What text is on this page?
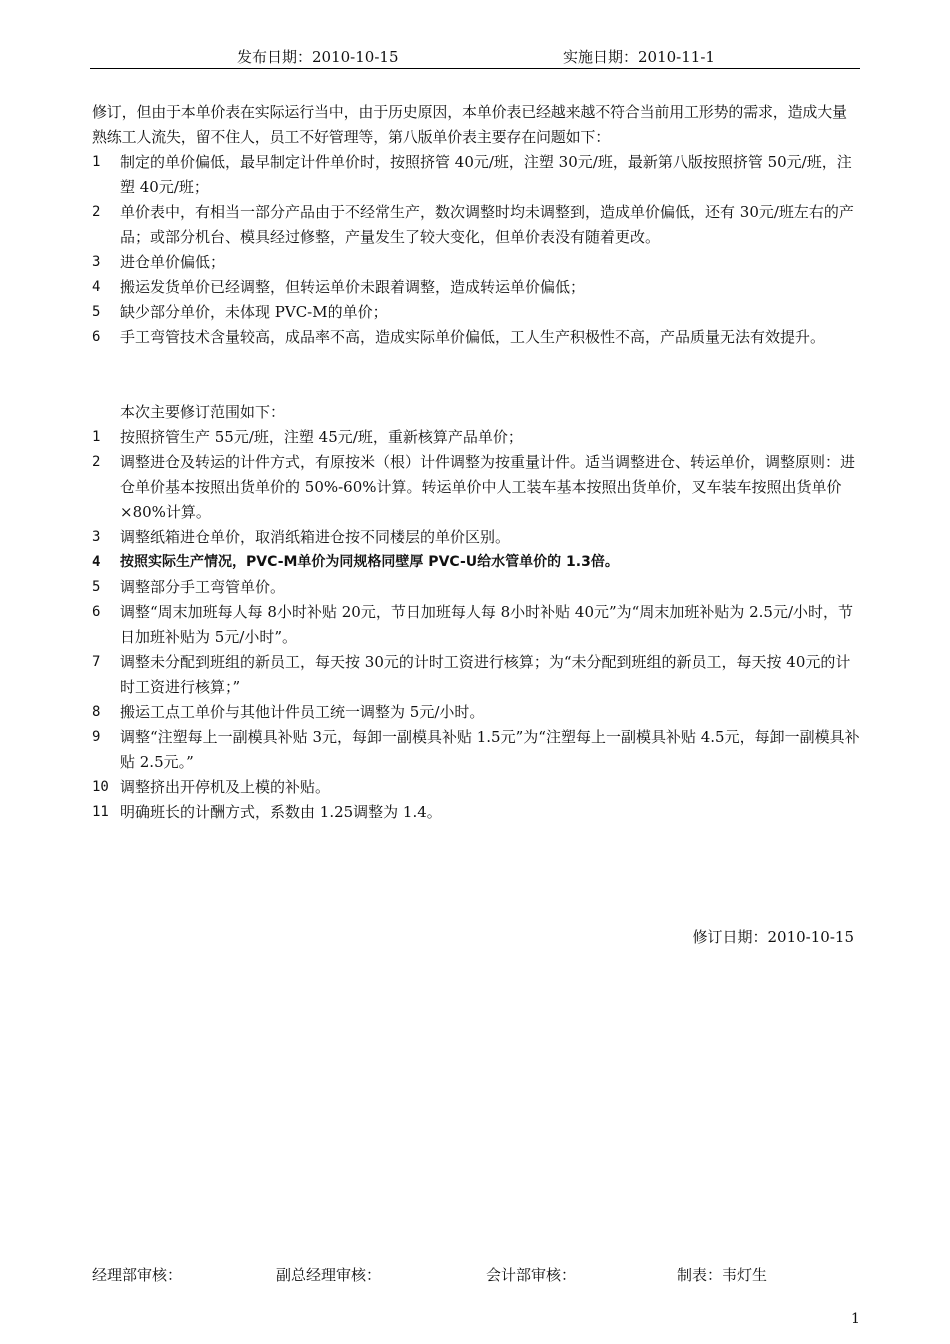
发布日期：2010-10-15	实施日期：2010-11-1

修订，但由于本单价表在实际运行当中，由于历史原因，本单价表已经越来越不符合当前用工形势的需求，造成大量熟练工人流失，留不住人，员工不好管理等，第八版单价表主要存在问题如下：

1	制定的单价偏低，最早制定计件单价时，按照挤管 40元/班，注塑 30元/班，最新第八版按照挤管 50元/班，注塑 40元/班；
2	单价表中，有相当一部分产品由于不经常生产，数次调整时均未调整到，造成单价偏低，还有 30元/班左右的产品；或部分机台、模具经过修整，产量发生了较大变化，但单价表没有随着更改。
3	进仓单价偏低；
4	搬运发货单价已经调整，但转运单价未跟着调整，造成转运单价偏低；
5	缺少部分单价，未体现 PVC-M的单价；
6	手工弯管技术含量较高，成品率不高，造成实际单价偏低，工人生产积极性不高，产品质量无法有效提升。

本次主要修订范围如下：

1	按照挤管生产 55元/班，注塑 45元/班，重新核算产品单价；
2	调整进仓及转运的计件方式，有原按米（根）计件调整为按重量计件。适当调整进仓、转运单价，调整原则：进仓单价基本按照出货单价的 50%-60%计算。转运单价中人工装车基本按照出货单价，叉车装车按照出货单价×80%计算。
3	调整纸箱进仓单价，取消纸箱进仓按不同楼层的单价区别。
4	按照实际生产情况，PVC-M单价为同规格同壁厚 PVC-U给水管单价的 1.3倍。
5	调整部分手工弯管单价。
6	调整“周末加班每人每 8小时补贴 20元，节日加班每人每 8小时补贴 40元”为“周末加班补贴为 2.5元/小时，节日加班补贴为 5元/小时”。
7	调整未分配到班组的新员工，每天按 30元的计时工资进行核算；为“未分配到班组的新员工，每天按 40元的计时工资进行核算；”
8	搬运工点工单价与其他计件员工统一调整为 5元/小时。
9	调整“注塑每上一副模具补贴 3元，每卸一副模具补贴 1.5元”为“注塑每上一副模具补贴 4.5元，每卸一副模具补贴 2.5元。”
10 调整挤出开停机及上模的补贴。
11 明确班长的计酬方式，系数由 1.25调整为 1.4。
修订日期：2010-10-15
经理部审核：	副总经理审核：	会计部审核：	制表：韦灯生
1
